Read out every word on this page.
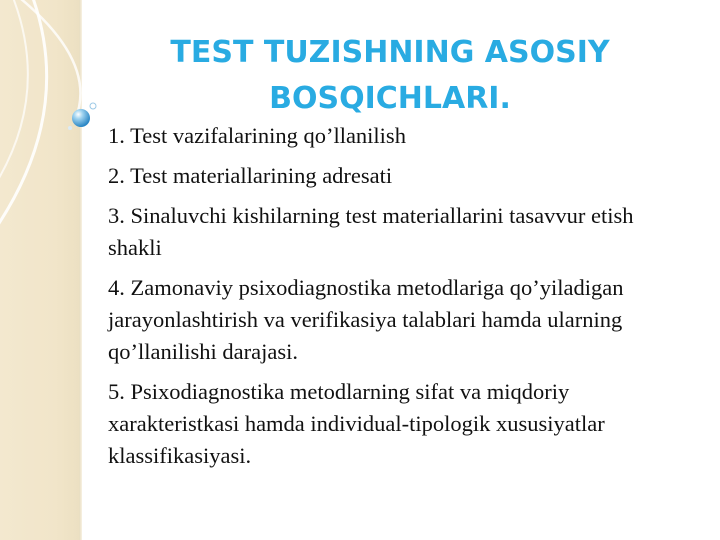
TEST TUZISHNING ASOSIY BOSQICHLARI.
1. Test vazifalarining qo’llanilish
2. Test materiallarining adresati
3. Sinaluvchi kishilarning test materiallarini tasavvur etish shakli
4. Zamonaviy psixodiagnostika metodlariga qo’yiladigan jarayonlashtirish va verifikasiya talablari hamda ularning qo’llanilishi darajasi.
5. Psixodiagnostika metodlarning sifat va miqdoriy xarakteristkasi hamda individual-tipologik xususiyatlar klassifikasiyasi.
